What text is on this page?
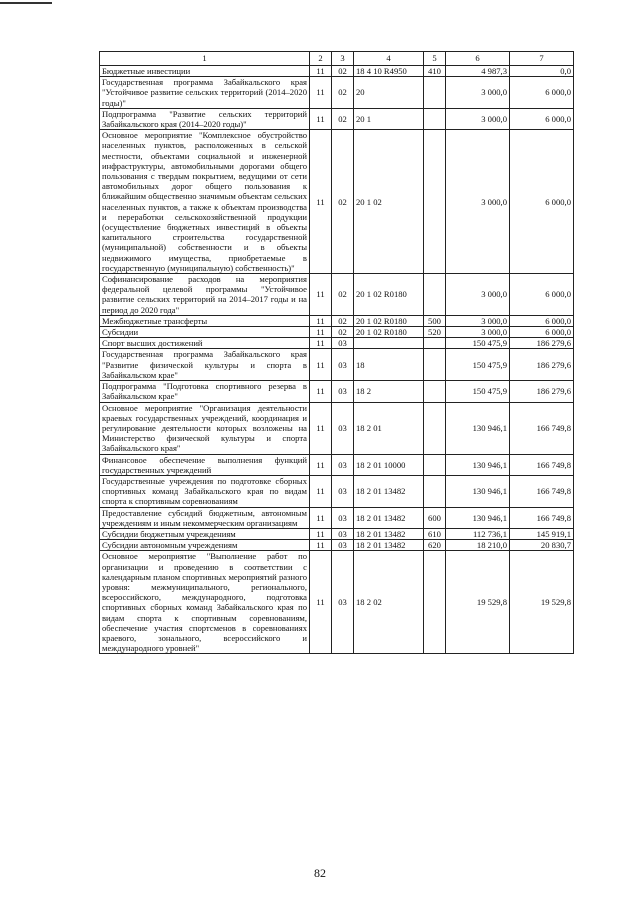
1	2	3	4	5	6	7
Бюджетные инвестиции	11	02	18 4 10 R4950	410	4 987,3	0,0
Государственная программа Забайкальского края "Устойчивое развитие сельских территорий (2014–2020 годы)"	11	02	20		3 000,0	6 000,0
Подпрограмма "Развитие сельских территорий Забайкальского края (2014–2020 годы)"	11	02	20 1		3 000,0	6 000,0
Основное мероприятие "Комплексное обустройство населенных пунктов, расположенных в сельской местности, объектами социальной и инженерной инфраструктуры, автомобильными дорогами общего пользования с твердым покрытием, ведущими от сети автомобильных дорог общего пользования к ближайшим общественно значимым объектам сельских населенных пунктов, а также к объектам производства и переработки сельскохозяйственной продукции (осуществление бюджетных инвестиций в объекты капитального строительства государственной (муниципальной) собственности и в объекты недвижимого имущества, приобретаемые в государственную (муниципальную) собственность)"	11	02	20 1 02		3 000,0	6 000,0
Софинансирование расходов на мероприятия федеральной целевой программы "Устойчивое развитие сельских территорий на 2014–2017 годы и на период до 2020 года"	11	02	20 1 02 R0180		3 000,0	6 000,0
Межбюджетные трансферты	11	02	20 1 02 R0180	500	3 000,0	6 000,0
Субсидии	11	02	20 1 02 R0180	520	3 000,0	6 000,0
Спорт высших достижений	11	03			150 475,9	186 279,6
Государственная программа Забайкальского края "Развитие физической культуры и спорта в Забайкальском крае"	11	03	18		150 475,9	186 279,6
Подпрограмма "Подготовка спортивного резерва в Забайкальском крае"	11	03	18 2		150 475,9	186 279,6
Основное мероприятие "Организация деятельности краевых государственных учреждений, координация и регулирование деятельности которых возложены на Министерство физической культуры и спорта Забайкальского края"	11	03	18 2 01		130 946,1	166 749,8
Финансовое обеспечение выполнения функций государственных учреждений	11	03	18 2 01 10000		130 946,1	166 749,8
Государственные учреждения по подготовке сборных спортивных команд Забайкальского края по видам спорта к спортивным соревнованиям	11	03	18 2 01 13482		130 946,1	166 749,8
Предоставление субсидий бюджетным, автономным учреждениям и иным некоммерческим организациям	11	03	18 2 01 13482	600	130 946,1	166 749,8
Субсидии бюджетным учреждениям	11	03	18 2 01 13482	610	112 736,1	145 919,1
Субсидии автономным учреждениям	11	03	18 2 01 13482	620	18 210,0	20 830,7
Основное мероприятие "Выполнение работ по организации и проведению в соответствии с календарным планом спортивных мероприятий разного уровня: межмуниципального, регионального, всероссийского, международного, подготовка спортивных сборных команд Забайкальского края по видам спорта к спортивным соревнованиям, обеспечение участия спортсменов в соревнованиях краевого, зонального, всероссийского и международного уровней"	11	03	18 2 02		19 529,8	19 529,8
82
